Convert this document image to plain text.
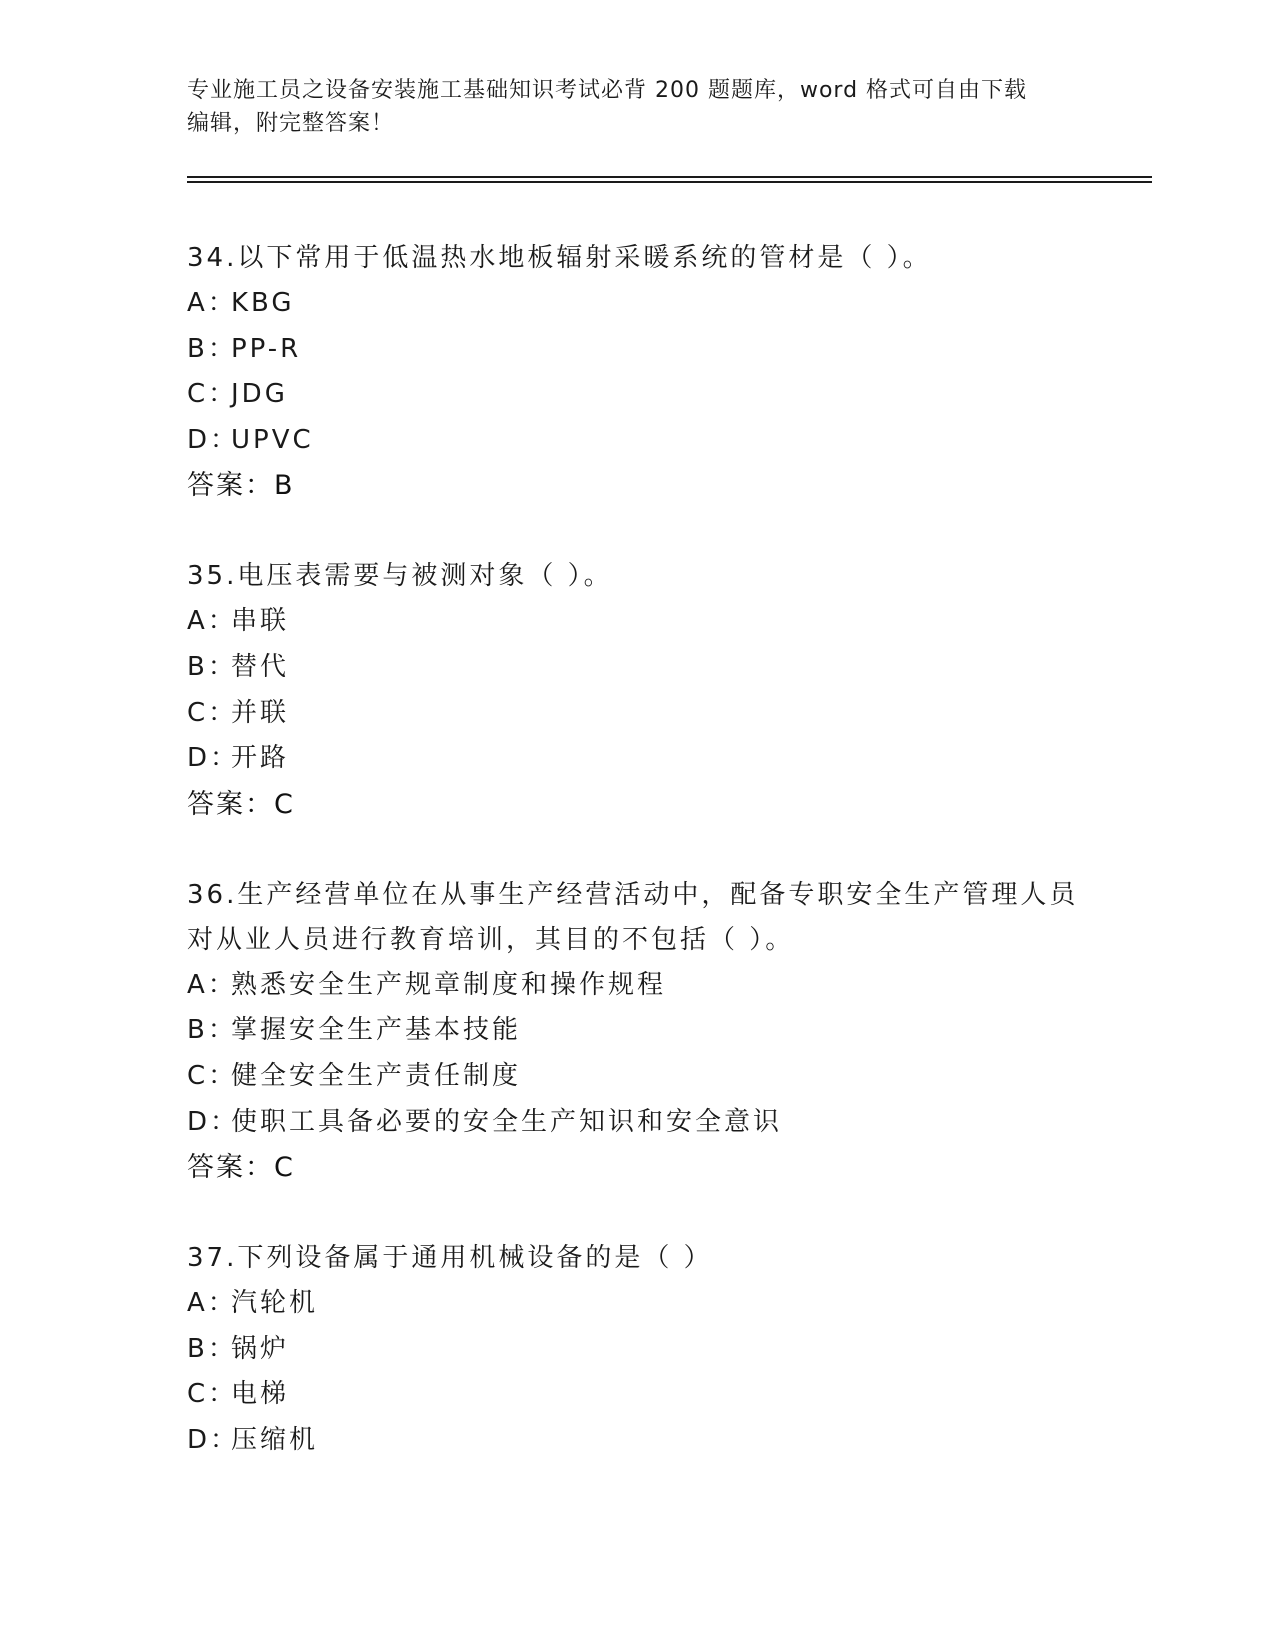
专业施工员之设备安装施工基础知识考试必背 200 题题库，word 格式可自由下载
编辑，附完整答案！

34.以下常用于低温热水地板辐射采暖系统的管材是（ ）。

A：KBG

B：PP-R

C：JDG

D：UPVC

答案：B

35.电压表需要与被测对象（ ）。

A：串联

B：替代

C：并联

D：开路

答案：C

36.生产经营单位在从事生产经营活动中，配备专职安全生产管理人员

对从业人员进行教育培训，其目的不包括（ ）。

A：熟悉安全生产规章制度和操作规程

B：掌握安全生产基本技能

C：健全安全生产责任制度

D：使职工具备必要的安全生产知识和安全意识

答案：C

37.下列设备属于通用机械设备的是（ ）

A：汽轮机

B：锅炉

C：电梯

D：压缩机
